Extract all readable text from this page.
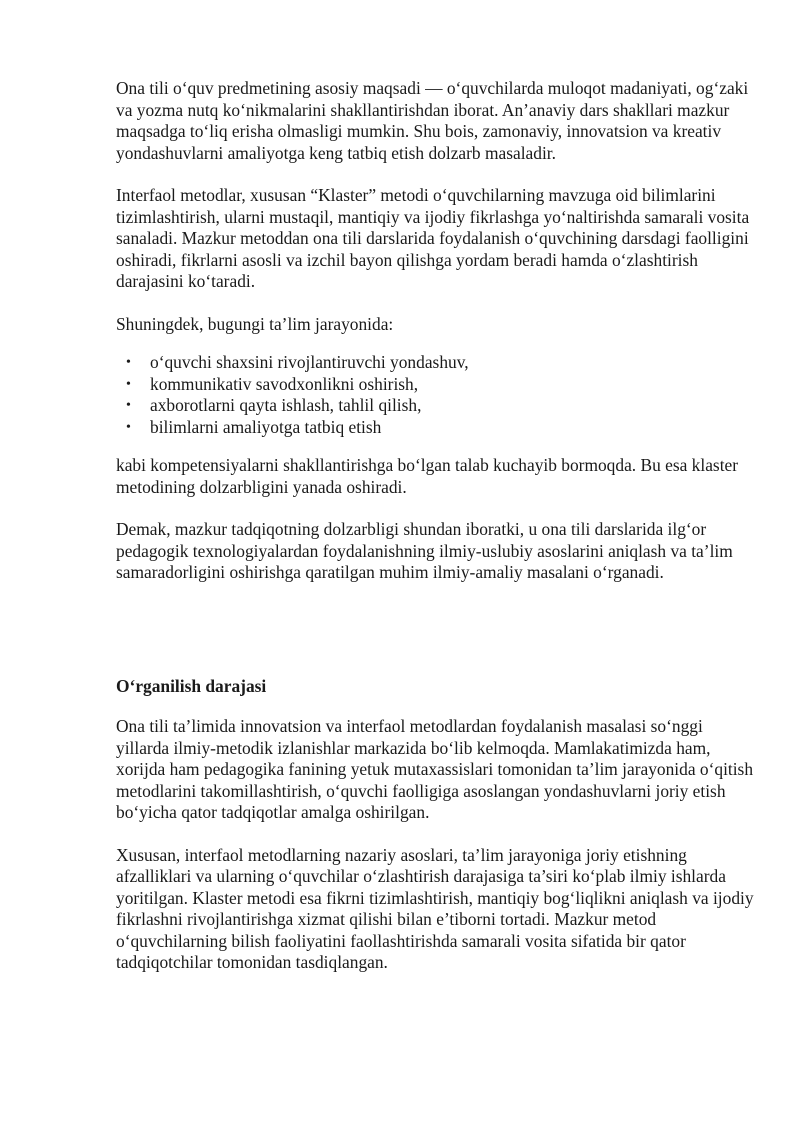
Ona tili o‘quv predmetining asosiy maqsadi — o‘quvchilarda muloqot madaniyati, og‘zaki va yozma nutq ko‘nikmalarini shakllantirishdan iborat. An’anaviy dars shakllari mazkur maqsadga to‘liq erisha olmasligi mumkin. Shu bois, zamonaviy, innovatsion va kreativ yondashuvlarni amaliyotga keng tatbiq etish dolzarb masaladir.

Interfaol metodlar, xususan “Klaster” metodi o‘quvchilarning mavzuga oid bilimlarini tizimlashtirish, ularni mustaqil, mantiqiy va ijodiy fikrlashga yo‘naltirishda samarali vosita sanaladi. Mazkur metoddan ona tili darslarida foydalanish o‘quvchining darsdagi faolligini oshiradi, fikrlarni asosli va izchil bayon qilishga yordam beradi hamda o‘zlashtirish darajasini ko‘taradi.

Shuningdek, bugungi ta’lim jarayonida:

• o‘quvchi shaxsini rivojlantiruvchi yondashuv,
• kommunikativ savodxonlikni oshirish,
• axborotlarni qayta ishlash, tahlil qilish,
• bilimlarni amaliyotga tatbiq etish

kabi kompetensiyalarni shakllantirishga bo‘lgan talab kuchayib bormoqda. Bu esa klaster metodining dolzarbligini yanada oshiradi.

Demak, mazkur tadqiqotning dolzarbligi shundan iboratki, u ona tili darslarida ilg‘or pedagogik texnologiyalardan foydalanishning ilmiy-uslubiy asoslarini aniqlash va ta’lim samaradorligini oshirishga qaratilgan muhim ilmiy-amaliy masalani o‘rganadi.

O‘rganilish darajasi

Ona tili ta’limida innovatsion va interfaol metodlardan foydalanish masalasi so‘nggi yillarda ilmiy-metodik izlanishlar markazida bo‘lib kelmoqda. Mamlakatimizda ham, xorijda ham pedagogika fanining yetuk mutaxassislari tomonidan ta’lim jarayonida o‘qitish metodlarini takomillashtirish, o‘quvchi faolligiga asoslangan yondashuvlarni joriy etish bo‘yicha qator tadqiqotlar amalga oshirilgan.

Xususan, interfaol metodlarning nazariy asoslari, ta’lim jarayoniga joriy etishning afzalliklari va ularning o‘quvchilar o‘zlashtirish darajasiga ta’siri ko‘plab ilmiy ishlarda yoritilgan. Klaster metodi esa fikrni tizimlashtirish, mantiqiy bog‘liqlikni aniqlash va ijodiy fikrlashni rivojlantirishga xizmat qilishi bilan e’tiborni tortadi. Mazkur metod o‘quvchilarning bilish faoliyatini faollashtirishda samarali vosita sifatida bir qator tadqiqotchilar tomonidan tasdiqlangan.
